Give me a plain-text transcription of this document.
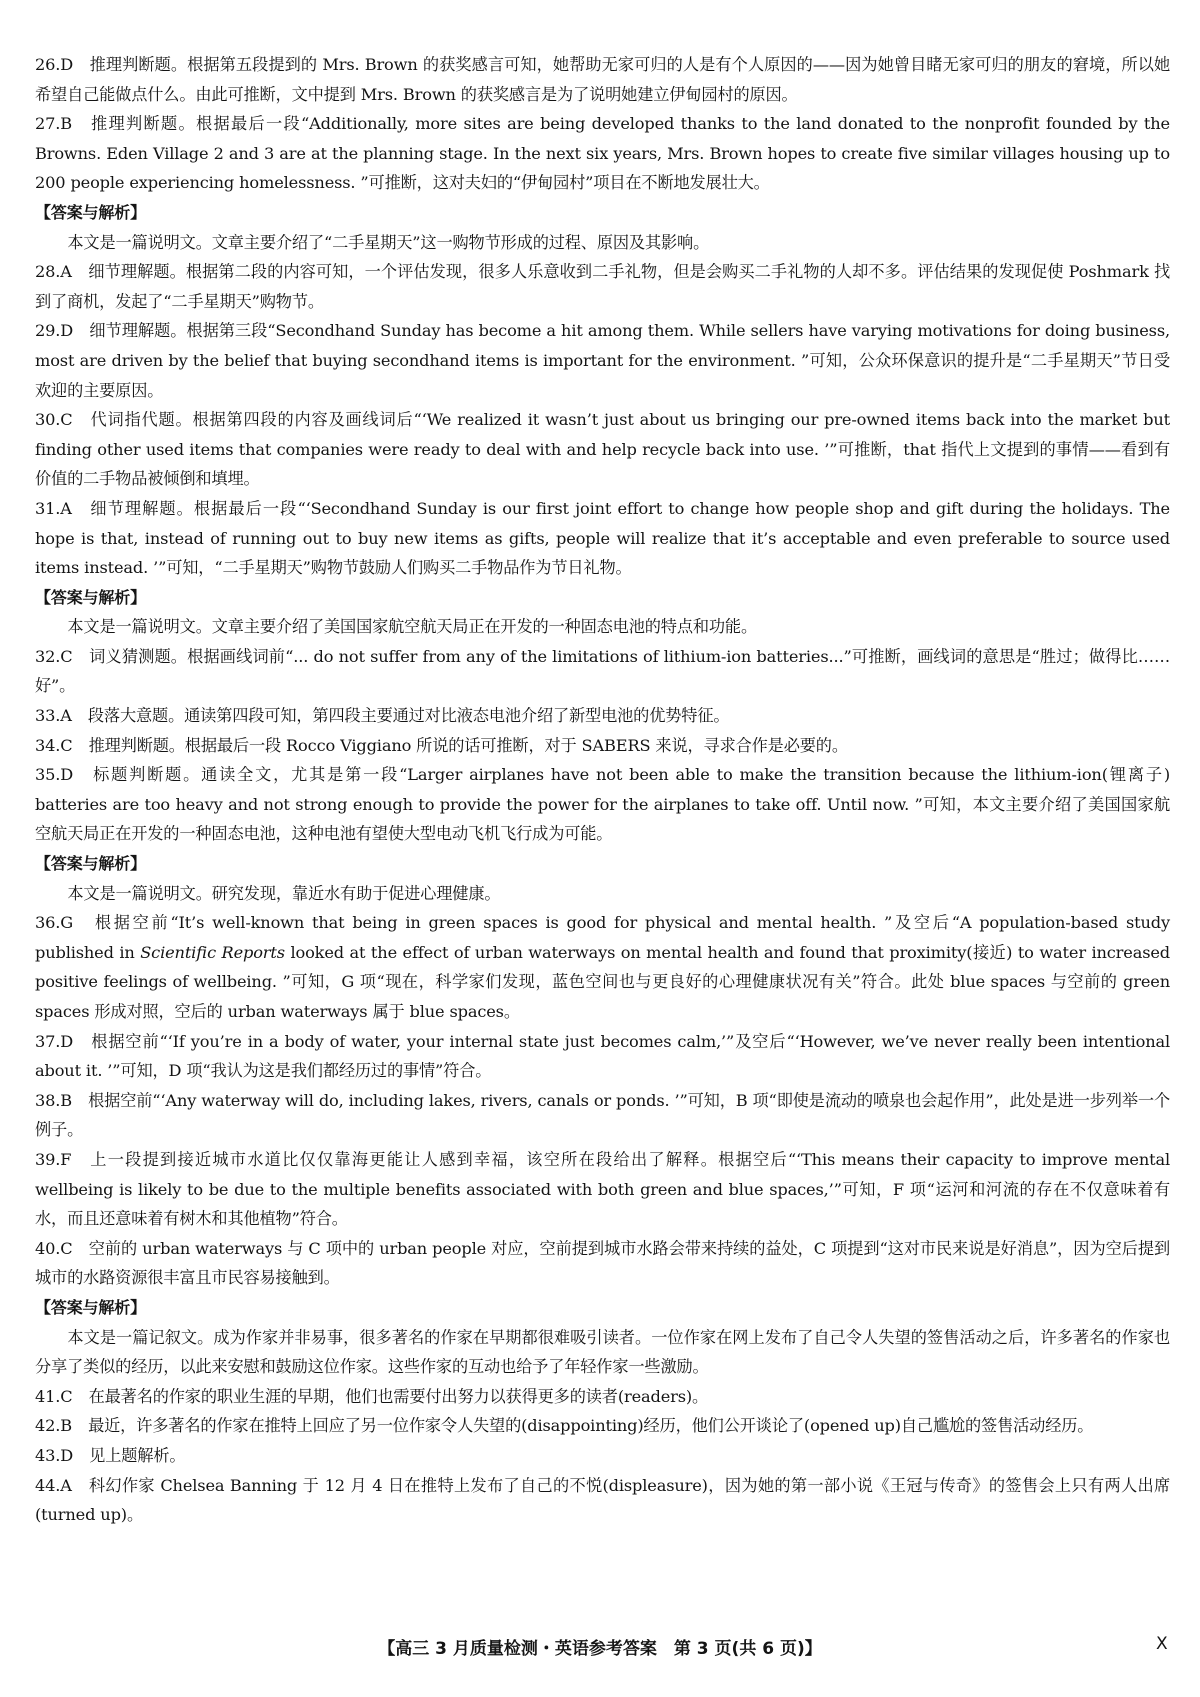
26.D　 推理判断题。根据第五段提到的 Mrs. Brown 的获奖感言可知，她帮助无家可归的人是有个人原因的——因为她曾目睹无家可归的朋友的窘境，所以她希望自己能做点什么。由此可推断，文中提到 Mrs. Brown 的获奖感言是为了说明她建立伊甸园村的原因。

27.B　 推理判断题。根据最后一段“Additionally, more sites are being developed thanks to the land donated to the nonprofit founded by the Browns. Eden Village 2 and 3 are at the planning stage. In the next six years, Mrs. Brown hopes to create five similar villages housing up to 200 people experiencing homelessness. ”可推断，这对夫妇的“伊甸园村”项目在不断地发展壮大。

【答案与解析】

本文是一篇说明文。文章主要介绍了“二手星期天”这一购物节形成的过程、原因及其影响。

28.A　 细节理解题。根据第二段的内容可知，一个评估发现，很多人乐意收到二手礼物，但是会购买二手礼物的人却不多。评估结果的发现促使 Poshmark 找到了商机，发起了“二手星期天”购物节。

29.D　 细节理解题。根据第三段“Secondhand Sunday has become a hit among them. While sellers have varying motivations for doing business, most are driven by the belief that buying secondhand items is important for the environment. ”可知，公众环保意识的提升是“二手星期天”节日受欢迎的主要原因。

30.C　 代词指代题。根据第四段的内容及画线词后“‘We realized it wasn’t just about us bringing our pre-owned items back into the market but finding other used items that companies were ready to deal with and help recycle back into use. ’”可推断，that 指代上文提到的事情——看到有价值的二手物品被倾倒和填埋。

31.A　 细节理解题。根据最后一段“‘Secondhand Sunday is our first joint effort to change how people shop and gift during the holidays. The hope is that, instead of running out to buy new items as gifts, people will realize that it’s acceptable and even preferable to source used items instead. ’”可知，“二手星期天”购物节鼓励人们购买二手物品作为节日礼物。

【答案与解析】

本文是一篇说明文。文章主要介绍了美国国家航空航天局正在开发的一种固态电池的特点和功能。

32.C　 词义猜测题。根据画线词前“... do not suffer from any of the limitations of lithium-ion batteries...”可推断，画线词的意思是“胜过；做得比……好”。

33.A　 段落大意题。通读第四段可知，第四段主要通过对比液态电池介绍了新型电池的优势特征。

34.C　 推理判断题。根据最后一段 Rocco Viggiano 所说的话可推断，对于 SABERS 来说，寻求合作是必要的。

35.D　 标题判断题。通读全文，尤其是第一段“Larger airplanes have not been able to make the transition because the lithium-ion(锂离子) batteries are too heavy and not strong enough to provide the power for the airplanes to take off. Until now. ”可知，本文主要介绍了美国国家航空航天局正在开发的一种固态电池，这种电池有望使大型电动飞机飞行成为可能。

【答案与解析】

本文是一篇说明文。研究发现，靠近水有助于促进心理健康。

36.G　 根据空前“It’s well-known that being in green spaces is good for physical and mental health. ”及空后“A population-based study published in Scientific Reports looked at the effect of urban waterways on mental health and found that proximity(接近) to water increased positive feelings of wellbeing. ”可知，G 项“现在，科学家们发现，蓝色空间也与更良好的心理健康状况有关”符合。此处 blue spaces 与空前的 green spaces 形成对照，空后的 urban waterways 属于 blue spaces。

37.D　 根据空前“‘If you’re in a body of water, your internal state just becomes calm,’”及空后“‘However, we’ve never really been intentional about it. ’”可知，D 项“我认为这是我们都经历过的事情”符合。

38.B　 根据空前“‘Any waterway will do, including lakes, rivers, canals or ponds. ’”可知，B 项“即使是流动的喷泉也会起作用”，此处是进一步列举一个例子。

39.F　 上一段提到接近城市水道比仅仅靠海更能让人感到幸福，该空所在段给出了解释。根据空后“‘This means their capacity to improve mental wellbeing is likely to be due to the multiple benefits associated with both green and blue spaces,’”可知，F 项“运河和河流的存在不仅意味着有水，而且还意味着有树木和其他植物”符合。

40.C　 空前的 urban waterways 与 C 项中的 urban people 对应，空前提到城市水路会带来持续的益处，C 项提到“这对市民来说是好消息”，因为空后提到城市的水路资源很丰富且市民容易接触到。

【答案与解析】

本文是一篇记叙文。成为作家并非易事，很多著名的作家在早期都很难吸引读者。一位作家在网上发布了自己令人失望的签售活动之后，许多著名的作家也分享了类似的经历，以此来安慰和鼓励这位作家。这些作家的互动也给予了年轻作家一些激励。

41.C　 在最著名的作家的职业生涯的早期，他们也需要付出努力以获得更多的读者(readers)。

42.B　 最近，许多著名的作家在推特上回应了另一位作家令人失望的(disappointing)经历，他们公开谈论了(opened up)自己尴尬的签售活动经历。

43.D　 见上题解析。

44.A　 科幻作家 Chelsea Banning 于 12 月 4 日在推特上发布了自己的不悦(displeasure)，因为她的第一部小说《王冠与传奇》的签售会上只有两人出席(turned up)。

【高三 3 月质量检测・英语参考答案　第 3 页(共 6 页)】	X
